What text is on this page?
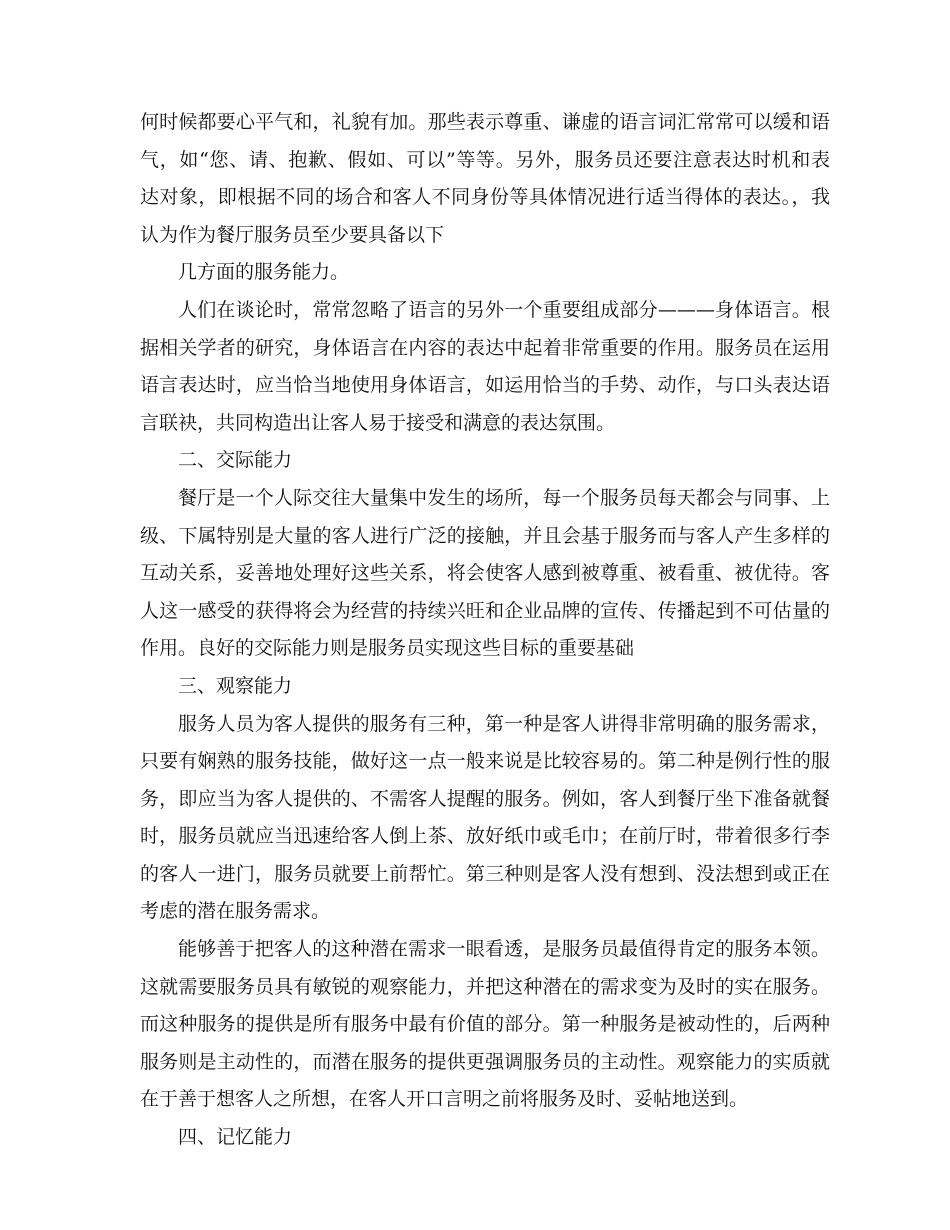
何时候都要心平气和，礼貌有加。那些表示尊重、谦虚的语言词汇常常可以缓和语
气，如“您、请、抱歉、假如、可以”等等。另外，服务员还要注意表达时机和表
达对象，即根据不同的场合和客人不同身份等具体情况进行适当得体的表达。，我
认为作为餐厅服务员至少要具备以下
几方面的服务能力。
人们在谈论时，常常忽略了语言的另外一个重要组成部分———身体语言。根
据相关学者的研究，身体语言在内容的表达中起着非常重要的作用。服务员在运用
语言表达时，应当恰当地使用身体语言，如运用恰当的手势、动作，与口头表达语
言联袂，共同构造出让客人易于接受和满意的表达氛围。
二、交际能力
餐厅是一个人际交往大量集中发生的场所，每一个服务员每天都会与同事、上
级、下属特别是大量的客人进行广泛的接触，并且会基于服务而与客人产生多样的
互动关系，妥善地处理好这些关系，将会使客人感到被尊重、被看重、被优待。客
人这一感受的获得将会为经营的持续兴旺和企业品牌的宣传、传播起到不可估量的
作用。良好的交际能力则是服务员实现这些目标的重要基础
三、观察能力
服务人员为客人提供的服务有三种，第一种是客人讲得非常明确的服务需求，
只要有娴熟的服务技能，做好这一点一般来说是比较容易的。第二种是例行性的服
务，即应当为客人提供的、不需客人提醒的服务。例如，客人到餐厅坐下准备就餐
时，服务员就应当迅速给客人倒上茶、放好纸巾或毛巾；在前厅时，带着很多行李
的客人一进门，服务员就要上前帮忙。第三种则是客人没有想到、没法想到或正在
考虑的潜在服务需求。
能够善于把客人的这种潜在需求一眼看透，是服务员最值得肯定的服务本领。
这就需要服务员具有敏锐的观察能力，并把这种潜在的需求变为及时的实在服务。
而这种服务的提供是所有服务中最有价值的部分。第一种服务是被动性的，后两种
服务则是主动性的，而潜在服务的提供更强调服务员的主动性。观察能力的实质就
在于善于想客人之所想，在客人开口言明之前将服务及时、妥帖地送到。
四、记忆能力
